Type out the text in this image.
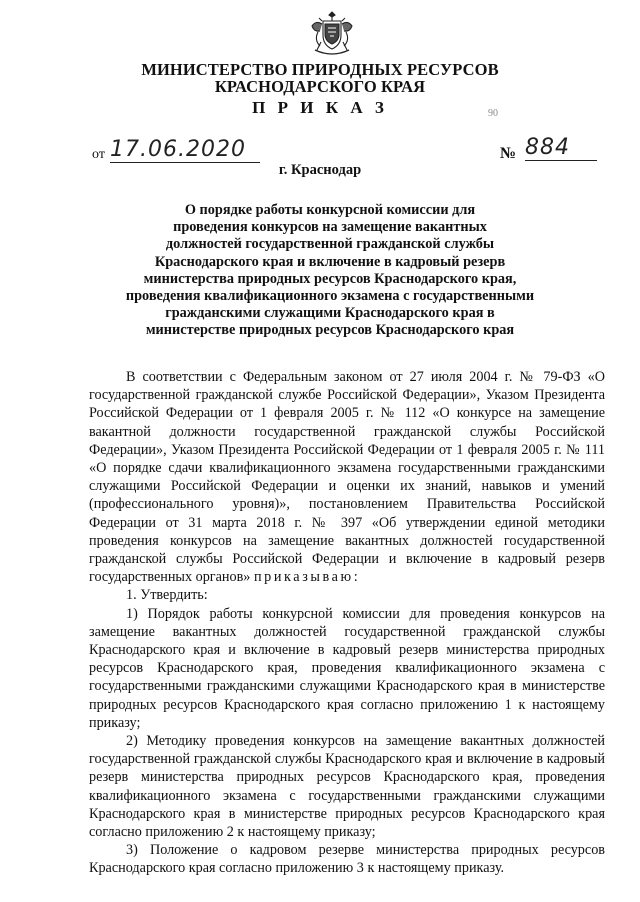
МИНИСТЕРСТВО ПРИРОДНЫХ РЕСУРСОВ
КРАСНОДАРСКОГО КРАЯ
П Р И К А З	90
от 17.06.2020	№ 884
г. Краснодар
О порядке работы конкурсной комиссии для
проведения конкурсов на замещение вакантных
должностей государственной гражданской службы
Краснодарского края и включение в кадровый резерв
министерства природных ресурсов Краснодарского края,
проведения квалификационного экзамена с государственными
гражданскими служащими Краснодарского края в
министерстве природных ресурсов Краснодарского края

В соответствии с Федеральным законом от 27 июля 2004 г. № 79-ФЗ «О государственной гражданской службе Российской Федерации», Указом Президента Российской Федерации от 1 февраля 2005 г. № 112 «О конкурсе на замещение вакантной должности государственной гражданской службы Российской Федерации», Указом Президента Российской Федерации от 1 февраля 2005 г. № 111 «О порядке сдачи квалификационного экзамена государственными гражданскими служащими Российской Федерации и оценки их знаний, навыков и умений (профессионального уровня)», постановлением Правительства Российской Федерации от 31 марта 2018 г. № 397 «Об утверждении единой методики проведения конкурсов на замещение вакантных должностей государственной гражданской службы Российской Федерации и включение в кадровый резерв государственных органов» приказываю:

1. Утвердить:

1) Порядок работы конкурсной комиссии для проведения конкурсов на замещение вакантных должностей государственной гражданской службы Краснодарского края и включение в кадровый резерв министерства природных ресурсов Краснодарского края, проведения квалификационного экзамена с государственными гражданскими служащими Краснодарского края в министерстве природных ресурсов Краснодарского края согласно приложению 1 к настоящему приказу;

2) Методику проведения конкурсов на замещение вакантных должностей государственной гражданской службы Краснодарского края и включение в кадровый резерв министерства природных ресурсов Краснодарского края, проведения квалификационного экзамена с государственными гражданскими служащими Краснодарского края в министерстве природных ресурсов Краснодарского края согласно приложению 2 к настоящему приказу;

3) Положение о кадровом резерве министерства природных ресурсов Краснодарского края согласно приложению 3 к настоящему приказу.
